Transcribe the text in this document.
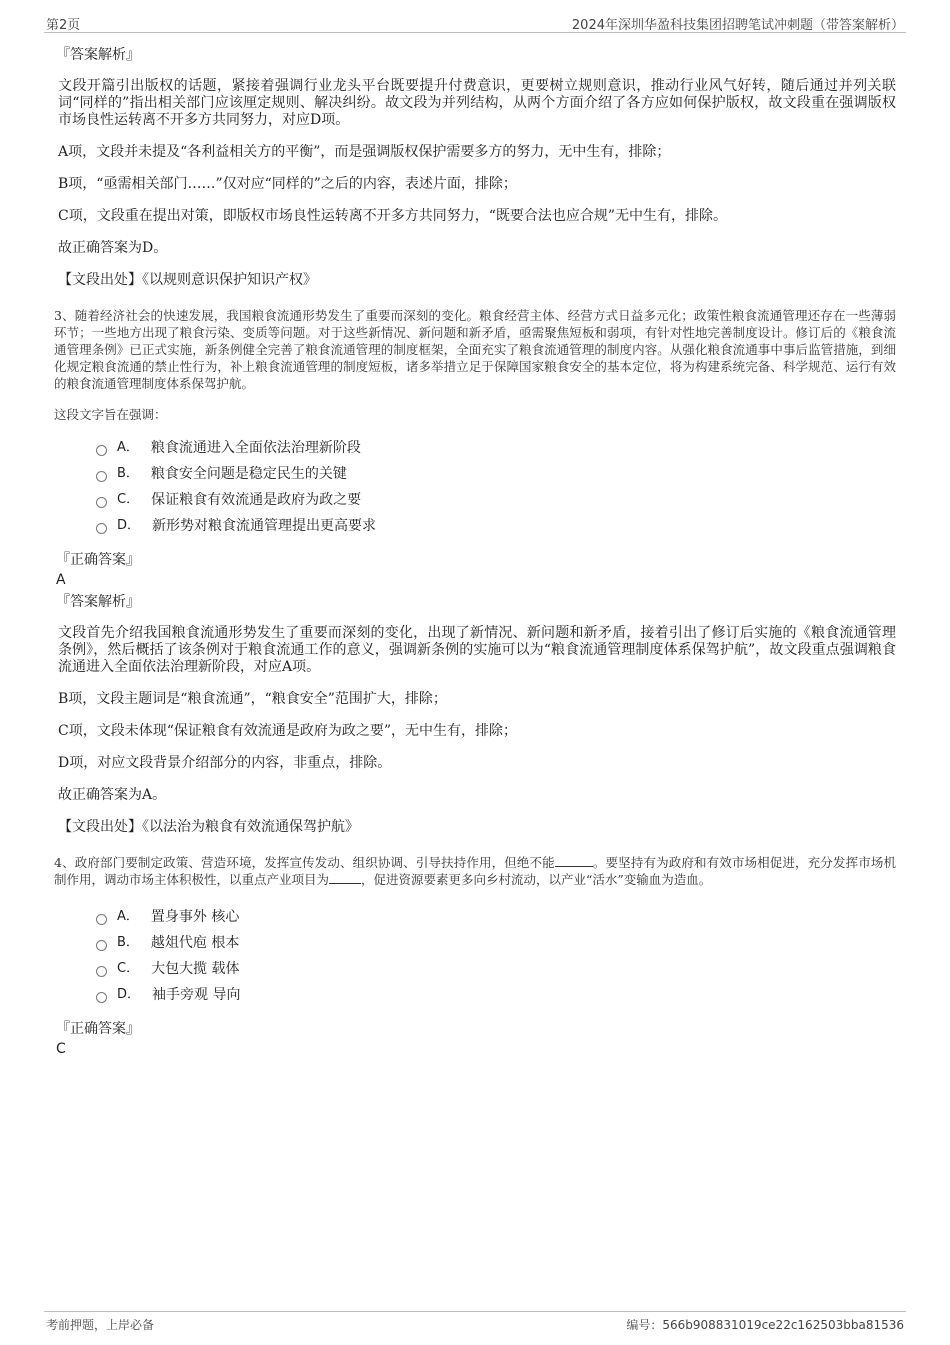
第2页	2024年深圳华盈科技集团招聘笔试冲刺题（带答案解析）
『答案解析』

文段开篇引出版权的话题，紧接着强调行业龙头平台既要提升付费意识，更要树立规则意识，推动行业风气好转，随后通过并列关联词“同样的”指出相关部门应该厘定规则、解决纠纷。故文段为并列结构，从两个方面介绍了各方应如何保护版权，故文段重在强调版权市场良性运转离不开多方共同努力，对应D项。

A项，文段并未提及“各利益相关方的平衡”，而是强调版权保护需要多方的努力，无中生有，排除；

B项，“亟需相关部门……”仅对应“同样的”之后的内容，表述片面，排除；

C项，文段重在提出对策，即版权市场良性运转离不开多方共同努力，“既要合法也应合规”无中生有，排除。

故正确答案为D。

【文段出处】《以规则意识保护知识产权》

3、随着经济社会的快速发展，我国粮食流通形势发生了重要而深刻的变化。粮食经营主体、经营方式日益多元化；政策性粮食流通管理还存在一些薄弱环节；一些地方出现了粮食污染、变质等问题。对于这些新情况、新问题和新矛盾，亟需聚焦短板和弱项，有针对性地完善制度设计。修订后的《粮食流通管理条例》已正式实施，新条例健全完善了粮食流通管理的制度框架，全面充实了粮食流通管理的制度内容。从强化粮食流通事中事后监管措施，到细化规定粮食流通的禁止性行为，补上粮食流通管理的制度短板，诸多举措立足于保障国家粮食安全的基本定位，将为构建系统完备、科学规范、运行有效的粮食流通管理制度体系保驾护航。

这段文字旨在强调：

A． 粮食流通进入全面依法治理新阶段
B． 粮食安全问题是稳定民生的关键
C． 保证粮食有效流通是政府为政之要
D． 新形势对粮食流通管理提出更高要求
『正确答案』
A
『答案解析』

文段首先介绍我国粮食流通形势发生了重要而深刻的变化，出现了新情况、新问题和新矛盾，接着引出了修订后实施的《粮食流通管理条例》，然后概括了该条例对于粮食流通工作的意义，强调新条例的实施可以为“粮食流通管理制度体系保驾护航”，故文段重点强调粮食流通进入全面依法治理新阶段，对应A项。

B项，文段主题词是“粮食流通”，“粮食安全”范围扩大，排除；

C项，文段未体现“保证粮食有效流通是政府为政之要”，无中生有，排除；

D项，对应文段背景介绍部分的内容，非重点，排除。

故正确答案为A。

【文段出处】《以法治为粮食有效流通保驾护航》

4、政府部门要制定政策、营造环境，发挥宣传发动、组织协调、引导扶持作用，但绝不能	。要坚持有为政府和有效市场相促进，充分发挥市场机制作用，调动市场主体积极性，以重点产业项目为	，促进资源要素更多向乡村流动，以产业“活水”变输血为造血。

A． 置身事外 核心
B． 越俎代庖 根本
C． 大包大揽 载体
D． 袖手旁观 导向
『正确答案』
C
考前押题，上岸必备	编号：566b908831019ce22c162503bba81536
